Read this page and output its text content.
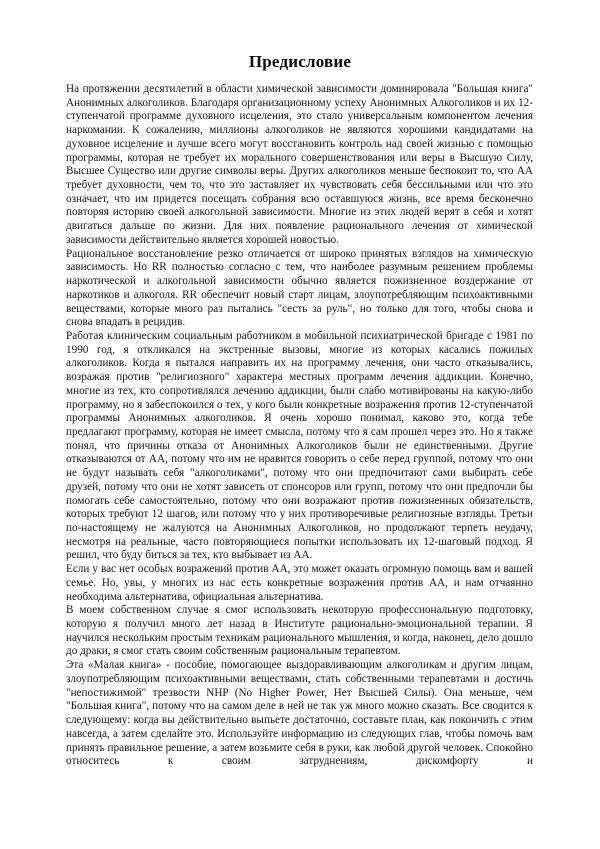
Предисловие

На протяжении десятилетий в области химической зависимости доминировала "Большая книга" Анонимных алкоголиков. Благодаря организационному успеху Анонимных Алкоголиков и их 12-ступенчатой программе духовного исцеления, это стало универсальным компонентом лечения наркомании. К сожалению, миллионы алкоголиков не являются хорошими кандидатами на духовное исцеление и лучше всего могут восстановить контроль над своей жизнью с помощью программы, которая не требует их морального совершенствования или веры в Высшую Силу, Высшее Существо или другие символы веры. Других алкоголиков меньше беспокоит то, что АА требует духовности, чем то, что это заставляет их чувствовать себя бессильными или что это означает, что им придется посещать собрания всю оставшуюся жизнь, все время бесконечно повторяя историю своей алкогольной зависимости. Многие из этих людей верят в себя и хотят двигаться дальше по жизни. Для них появление рационального лечения от химической зависимости действительно является хорошей новостью.

Рациональное восстановление резко отличается от широко принятых взглядов на химическую зависимость. Но RR полностью согласно с тем, что наиболее разумным решением проблемы наркотической и алкогольной зависимости обычно является пожизненное воздержание от наркотиков и алкоголя. RR обеспечит новый старт лицам, злоупотребляющим психоактивными веществами, которые много раз пытались "сесть за руль", но только для того, чтобы снова и снова впадать в рецидив.

Работая клиническим социальным работником в мобильной психиатрической бригаде с 1981 по 1990 год, я откликался на экстренные вызовы, многие из которых касались пожилых алкоголиков. Когда я пытался направить их на программу лечения, они часто отказывались, возражая против "религиозного" характера местных программ лечения аддикции. Конечно, многие из тех, кто сопротивлялся лечению аддикции, были слабо мотивированы на какую-либо программу, но я забеспокоился о тех, у кого были конкретные возражения против 12-ступенчатой программы Анонимных алкоголиков. Я очень хорошо понимал, каково это, когда тебе предлагают программу, которая не имеет смысла, потому что я сам прошел через это. Но я также понял, что причины отказа от Анонимных Алкоголиков были не единственными. Другие отказываются от АА, потому что им не нравится говорить о себе перед группой, потому что они не будут называть себя "алкоголиками", потому что они предпочитают сами выбирать себе друзей, потому что они не хотят зависеть от спонсоров или групп, потому что они предпочли бы помогать себе самостоятельно, потому что они возражают против пожизненных обязательств, которых требуют 12 шагов, или потому что у них противоречивые религиозные взгляды. Третьи по-настоящему не жалуются на Анонимных Алкоголиков, но продолжают терпеть неудачу, несмотря на реальные, часто повторяющиеся попытки использовать их 12-шаговый подход. Я решил, что буду биться за тех, кто выбывает из АА.

Если у вас нет особых возражений против АА, это может оказать огромную помощь вам и вашей семье. Но, увы, у многих из нас есть конкретные возражения против АА, и нам отчаянно необходима альтернатива, официальная альтернатива.

В моем собственном случае я смог использовать некоторую профессиональную подготовку, которую я получил много лет назад в Институте рационально-эмоциональной терапии. Я научился нескольким простым техникам рационального мышления, и когда, наконец, дело дошло до драки, я смог стать своим собственным рациональным терапевтом.

Эта «Малая книга» - пособие, помогающее выздоравливающим алкоголикам и другим лицам, злоупотребляющим психоактивными веществами, стать собственными терапевтами и достичь "непостижимой" трезвости NHP (No Higher Power, Нет Высшей Силы). Она меньше, чем "Большая книга", потому что на самом деле в ней не так уж много можно сказать. Все сводится к следующему: когда вы действительно выпьете достаточно, составьте план, как покончить с этим навсегда, а затем сделайте это. Используйте информацию из следующих глав, чтобы помочь вам принять правильное решение, а затем возьмите себя в руки, как любой другой человек. Спокойно относитесь к своим затруднениям, дискомфорту и
